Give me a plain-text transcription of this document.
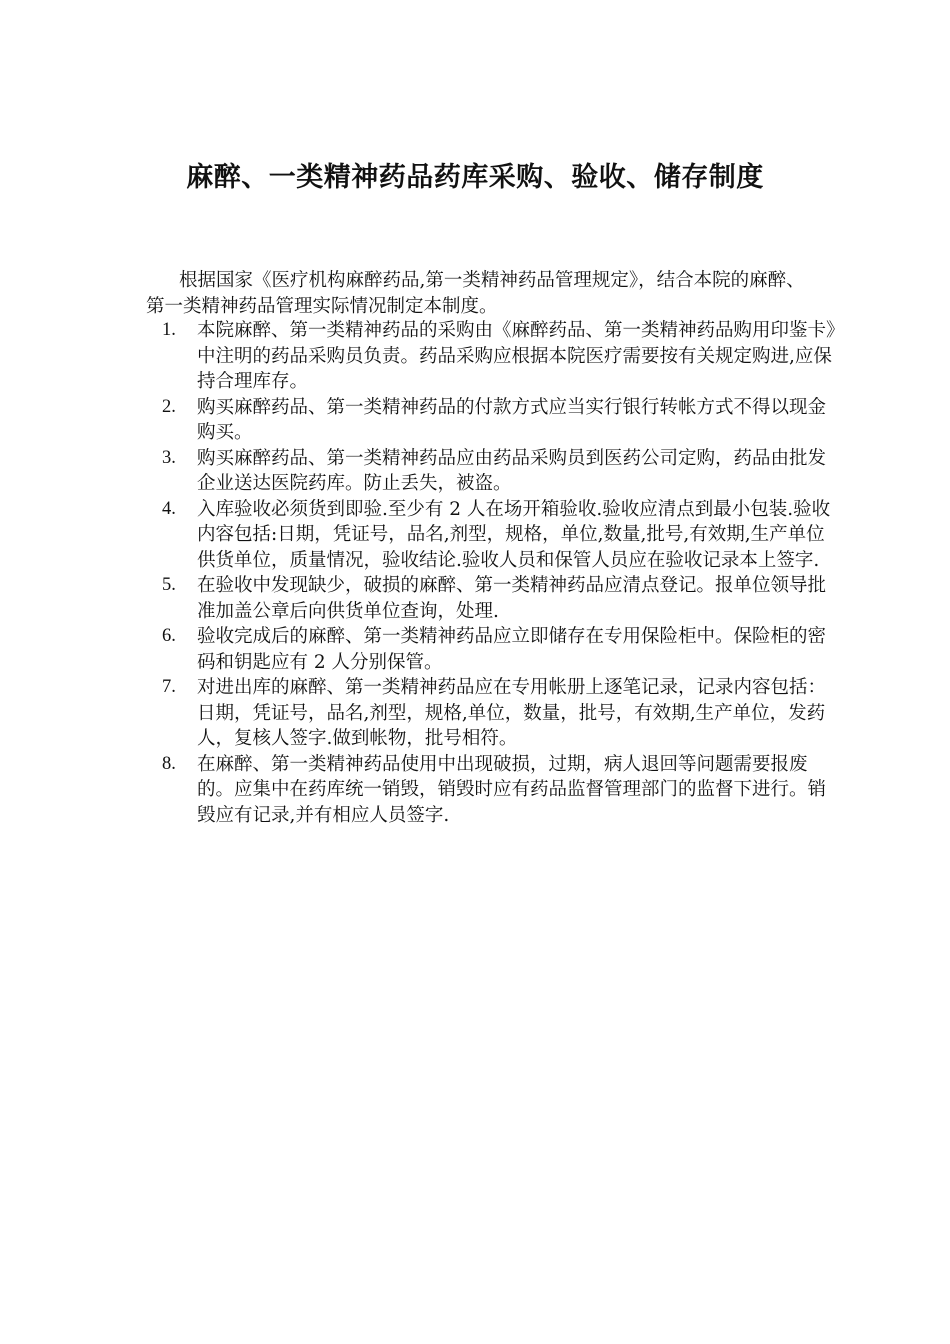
麻醉、一类精神药品药库采购、验收、储存制度

根据国家《医疗机构麻醉药品,第一类精神药品管理规定》，结合本院的麻醉、第一类精神药品管理实际情况制定本制度。

1. 本院麻醉、第一类精神药品的采购由《麻醉药品、第一类精神药品购用印鉴卡》中注明的药品采购员负责。药品采购应根据本院医疗需要按有关规定购进,应保持合理库存。
2. 购买麻醉药品、第一类精神药品的付款方式应当实行银行转帐方式不得以现金购买。
3. 购买麻醉药品、第一类精神药品应由药品采购员到医药公司定购，药品由批发企业送达医院药库。防止丢失，被盗。
4. 入库验收必须货到即验.至少有 2 人在场开箱验收.验收应清点到最小包装.验收内容包括:日期，凭证号，品名,剂型，规格，单位,数量,批号,有效期,生产单位供货单位，质量情况，验收结论.验收人员和保管人员应在验收记录本上签字.
5. 在验收中发现缺少，破损的麻醉、第一类精神药品应清点登记。报单位领导批准加盖公章后向供货单位查询，处理.
6. 验收完成后的麻醉、第一类精神药品应立即储存在专用保险柜中。保险柜的密码和钥匙应有 2 人分别保管。
7. 对进出库的麻醉、第一类精神药品应在专用帐册上逐笔记录，记录内容包括：日期，凭证号，品名,剂型，规格,单位，数量，批号，有效期,生产单位，发药人，复核人签字.做到帐物，批号相符。
8. 在麻醉、第一类精神药品使用中出现破损，过期，病人退回等问题需要报废的。应集中在药库统一销毁，销毁时应有药品监督管理部门的监督下进行。销毁应有记录,并有相应人员签字.
